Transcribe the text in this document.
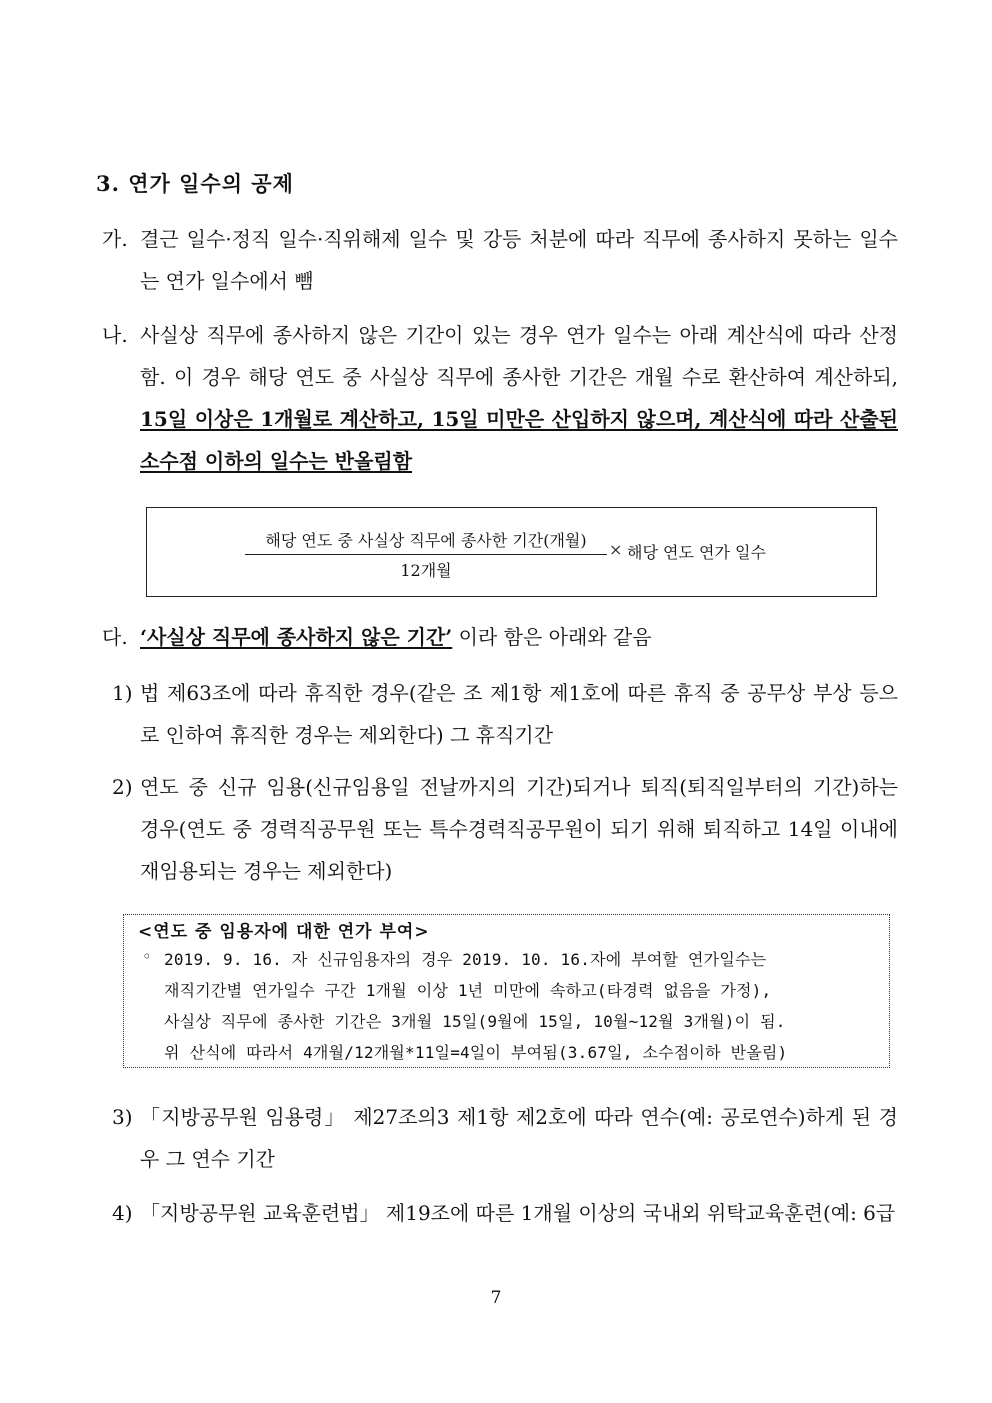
3. 연가 일수의 공제
가. 결근 일수·정직 일수·직위해제 일수 및 강등 처분에 따라 직무에 종사하지 못하는 일수는 연가 일수에서 뺌
나. 사실상 직무에 종사하지 않은 기간이 있는 경우 연가 일수는 아래 계산식에 따라 산정함. 이 경우 해당 연도 중 사실상 직무에 종사한 기간은 개월 수로 환산하여 계산하되, 15일 이상은 1개월로 계산하고, 15일 미만은 산입하지 않으며, 계산식에 따라 산출된 소수점 이하의 일수는 반올림함
해당 연도 중 사실상 직무에 종사한 기간(개월)
12개월
× 해당 연도 연가 일수
다. ‘사실상 직무에 종사하지 않은 기간’ 이라 함은 아래와 같음
1) 법 제63조에 따라 휴직한 경우(같은 조 제1항 제1호에 따른 휴직 중 공무상 부상 등으로 인하여 휴직한 경우는 제외한다) 그 휴직기간
2) 연도 중 신규 임용(신규임용일 전날까지의 기간)되거나 퇴직(퇴직일부터의 기간)하는 경우(연도 중 경력직공무원 또는 특수경력직공무원이 되기 위해 퇴직하고 14일 이내에 재임용되는 경우는 제외한다)
<연도 중 임용자에 대한 연가 부여>
◦ 2019. 9. 16. 자 신규임용자의 경우 2019. 10. 16.자에 부여할 연가일수는
재직기간별 연가일수 구간 1개월 이상 1년 미만에 속하고(타경력 없음을 가정),
사실상 직무에 종사한 기간은 3개월 15일(9월에 15일, 10월~12월 3개월)이 됨.
위 산식에 따라서 4개월/12개월*11일=4일이 부여됨(3.67일, 소수점이하 반올림)
3) 「지방공무원 임용령」 제27조의3 제1항 제2호에 따라 연수(예: 공로연수)하게 된 경우 그 연수 기간
4) 「지방공무원 교육훈련법」 제19조에 따른 1개월 이상의 국내외 위탁교육훈련(예: 6급
7
